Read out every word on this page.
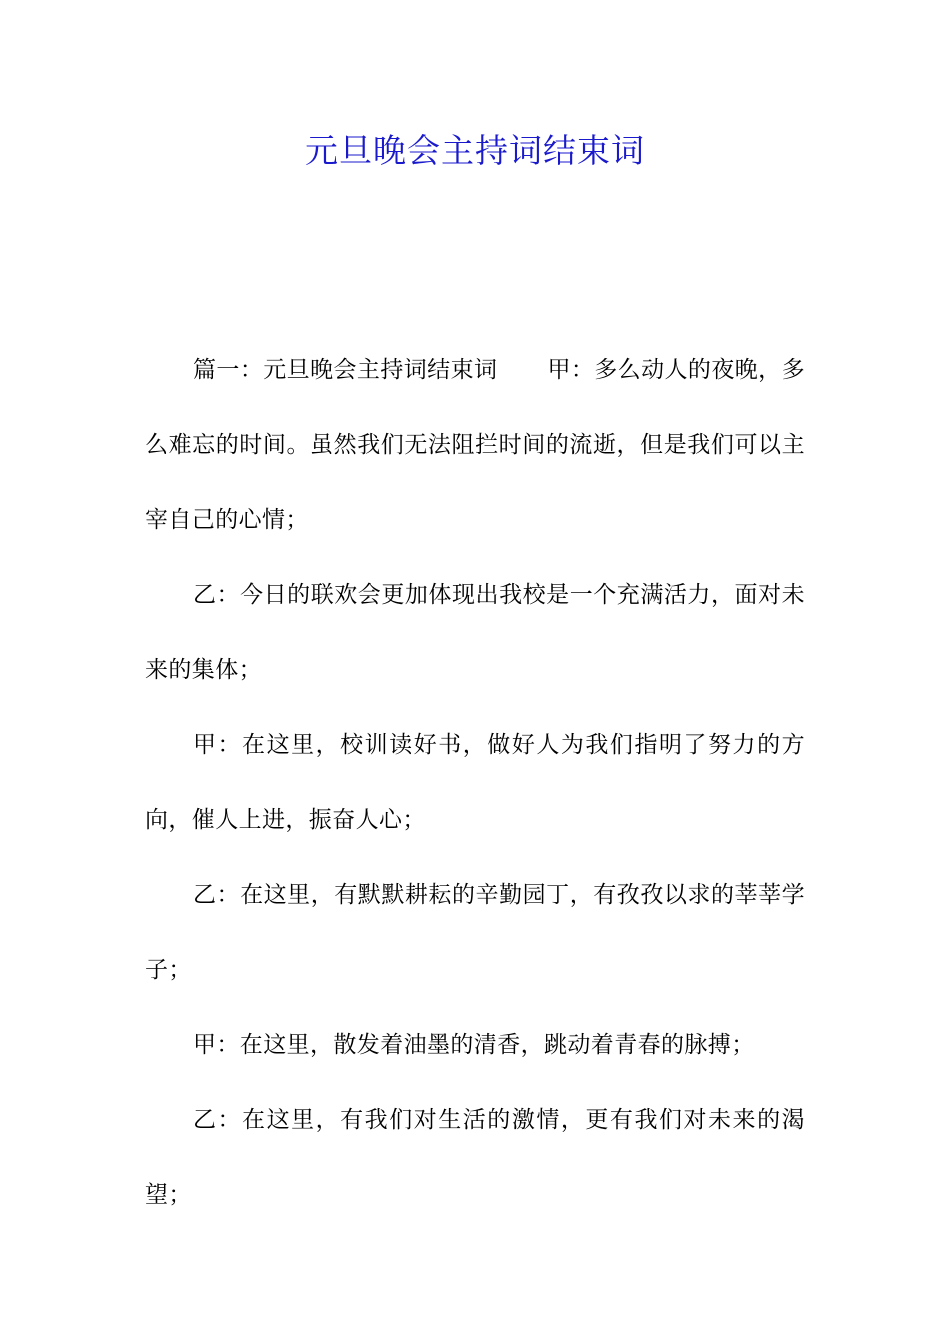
元旦晚会主持词结束词

篇一：元旦晚会主持词结束词 甲：多么动人的夜晚，多么难忘的时间。虽然我们无法阻拦时间的流逝，但是我们可以主宰自己的心情；

乙：今日的联欢会更加体现出我校是一个充满活力，面对未来的集体；

甲：在这里，校训读好书，做好人为我们指明了努力的方向，催人上进，振奋人心；

乙：在这里，有默默耕耘的辛勤园丁，有孜孜以求的莘莘学子；

甲：在这里，散发着油墨的清香，跳动着青春的脉搏；

乙：在这里，有我们对生活的激情，更有我们对未来的渴望；
